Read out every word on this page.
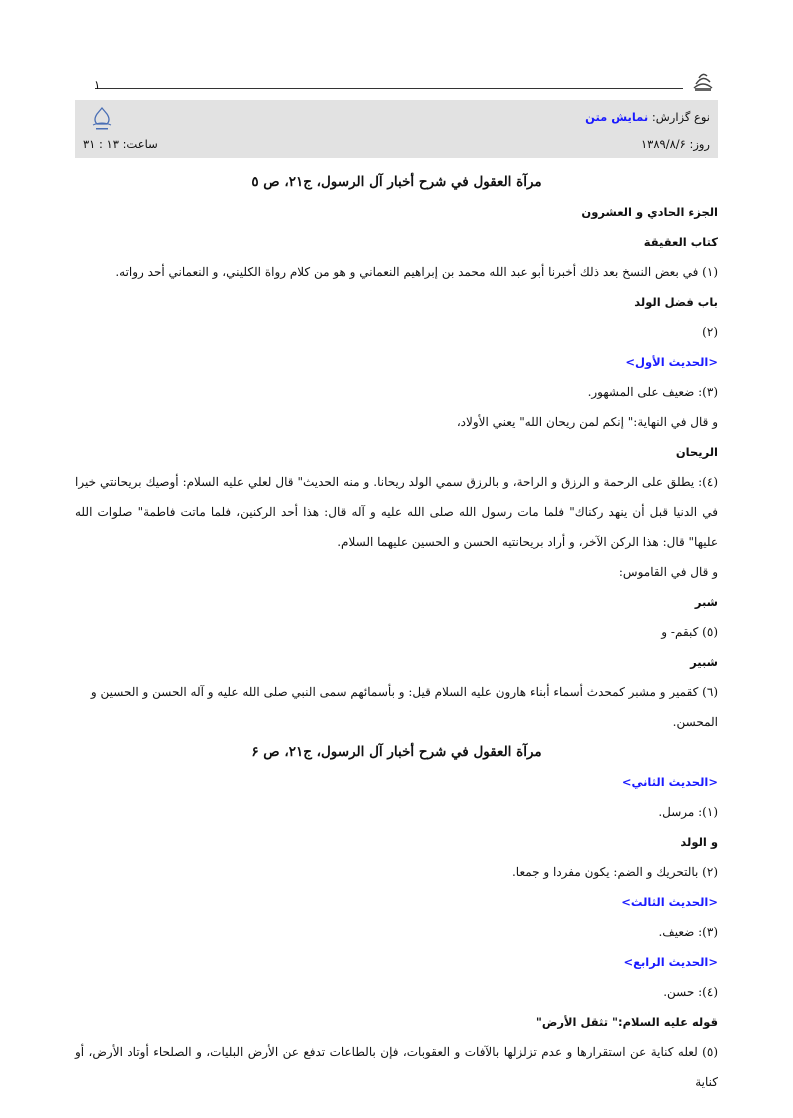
١
نوع گزارش: نمایش متن
روز: ١٣٨٩/٨/۶
ساعت: ١٣ : ٣١
مرآة العقول في شرح أخبار آل الرسول، ج‏٢١، ص ٥
الجزء الحادي و العشرون
كتاب العقيقة
(١) في بعض النسخ بعد ذلك أخبرنا أبو عبد الله محمد بن إبراهيم النعماني و هو من كلام رواة الكليني، و النعماني أحد رواته.
باب فضل الولد
(٢)
<الحديث الأول>
(٣): ضعيف على المشهور.
و قال في النهاية:" إنكم لمن ريحان الله" يعني الأولاد،
الريحان
(٤): يطلق على الرحمة و الرزق و الراحة، و بالرزق سمي الولد ريحانا. و منه الحديث" قال لعلي عليه السلام: أوصيك بريحانتي خيرا في الدنيا قبل أن ينهد ركناك" فلما مات رسول الله صلى الله عليه و آله قال: هذا أحد الركنين، فلما ماتت فاطمة" صلوات الله عليها" قال: هذا الركن الآخر، و أراد بريحانتيه الحسن و الحسين عليهما السلام.
و قال في القاموس:
شبر
(٥) كبقم- و
شبير
(٦) كقمير و مشبر كمحدث أسماء أبناء هارون عليه السلام قيل: و بأسمائهم سمى النبي صلى الله عليه و آله الحسن و الحسين و المحسن.
مرآة العقول في شرح أخبار آل الرسول، ج‏٢١، ص ۶
<الحديث الثاني>
(١): مرسل.
و الولد
(٢) بالتحريك و الضم: يكون مفردا و جمعا.
<الحديث الثالث>
(٣): ضعيف.
<الحديث الرابع>
(٤): حسن.
قوله عليه السلام:" تثقل الأرض"
(٥) لعله كناية عن استقرارها و عدم تزلزلها بالآفات و العقوبات، فإن بالطاعات تدفع عن الأرض البليات، و الصلحاء أوتاد الأرض، أو كناية
